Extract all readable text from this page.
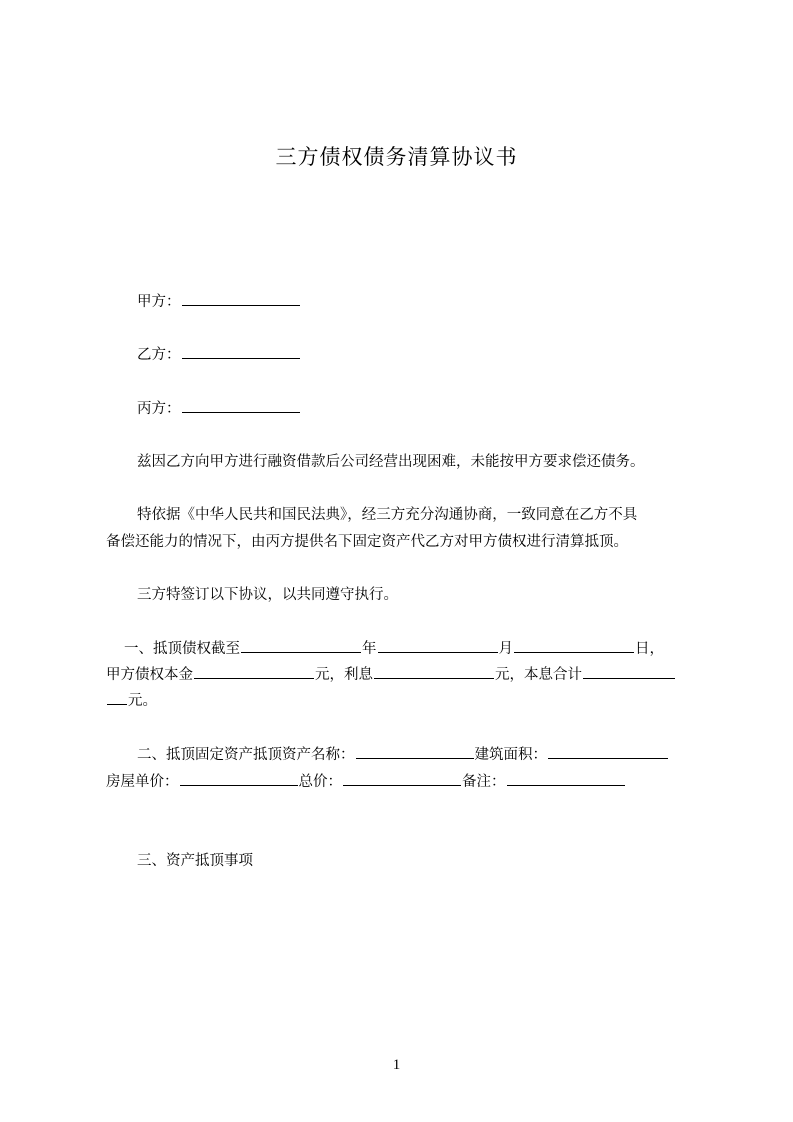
三方债权债务清算协议书
甲方：
乙方：
丙方：
兹因乙方向甲方进行融资借款后公司经营出现困难，未能按甲方要求偿还债务。
特依据《中华人民共和国民法典》，经三方充分沟通协商，一致同意在乙方不具
备偿还能力的情况下，由丙方提供名下固定资产代乙方对甲方债权进行清算抵顶。
三方特签订以下协议，以共同遵守执行。
一、抵顶债权截至	年	月	日，
甲方债权本金	元，利息	元，本息合计
元。
二、抵顶固定资产抵顶资产名称：	建筑面积：
房屋单价：	总价：	备注：
三、资产抵顶事项
1
